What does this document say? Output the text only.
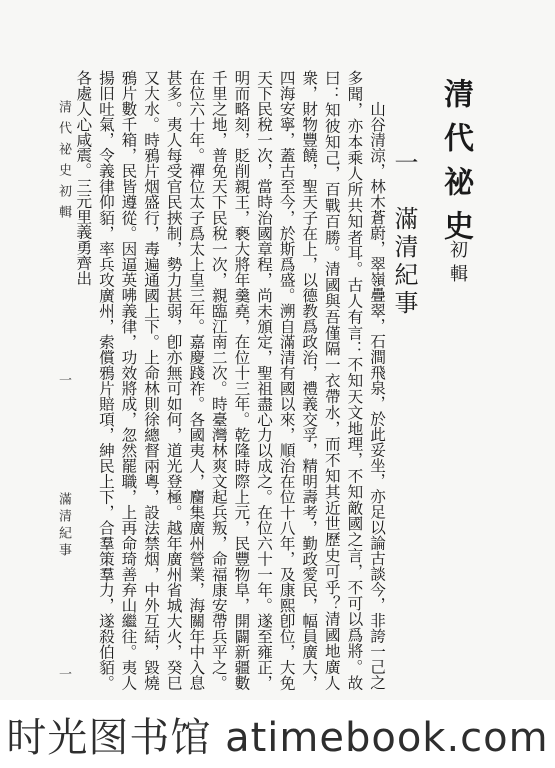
清代祕史
初輯
一　滿清紀事

山谷清涼，林木蒼蔚，翠嶺疊翠，石澗飛泉，於此妥坐，亦足以論古談今，非誇一己之多聞，亦本乘人所共知者耳。古人有言：不知天文地理，不知敵國之言，不可以爲將。故曰：知彼知己，百戰百勝。清國與吾僅隔一衣帶水，而不知其近世歷史可乎？清國地廣人衆，財物豐饒，聖天子在上，以德教爲政治，禮義交孚，精明壽考，勤政愛民，幅員廣大，四海安寧，蓋古至今，於斯爲盛。溯自滿清有國以來，順治在位十八年，及康熙卽位，大免天下民稅一次，當時治國章程，尚未頒定，聖祖盡心力以成之。在位六十一年。遂至雍正，明而略刻，貶削親王，褻大將年羹堯，在位十三年。乾隆時際上元，民豐物阜，開闢新疆數千里之地，普免天下民稅一次，親臨江南二次。時臺灣林爽文起兵叛，命福康安帶兵平之。在位六十年。禪位太子爲太上皇三年。嘉慶踐祚。各國夷人，麕集廣州營業，海關年中入息甚多。夷人每受官民挾制，勢力甚弱，卽亦無可如何，道光登極。越年廣州省城大火，癸巳又大水。時鴉片烟盛行，毒遍通國上下。上命林則徐總督兩粵，設法禁烟，中外互結，毀燒鴉片數千箱，民皆遵從。因逼英咈義律，功效將成，忽然罷職，上再命琦善弃山繼往。夷人揚旧吐氣，令義律仰貊，率兵攻廣州，索償鴉片賠項，紳民上下，合羣策羣力，遂殺伯貊。各處人心咸震。三元里義勇齊出

清代祕史初輯
一
滿清紀事
一
时光图书馆 atimebook.com
